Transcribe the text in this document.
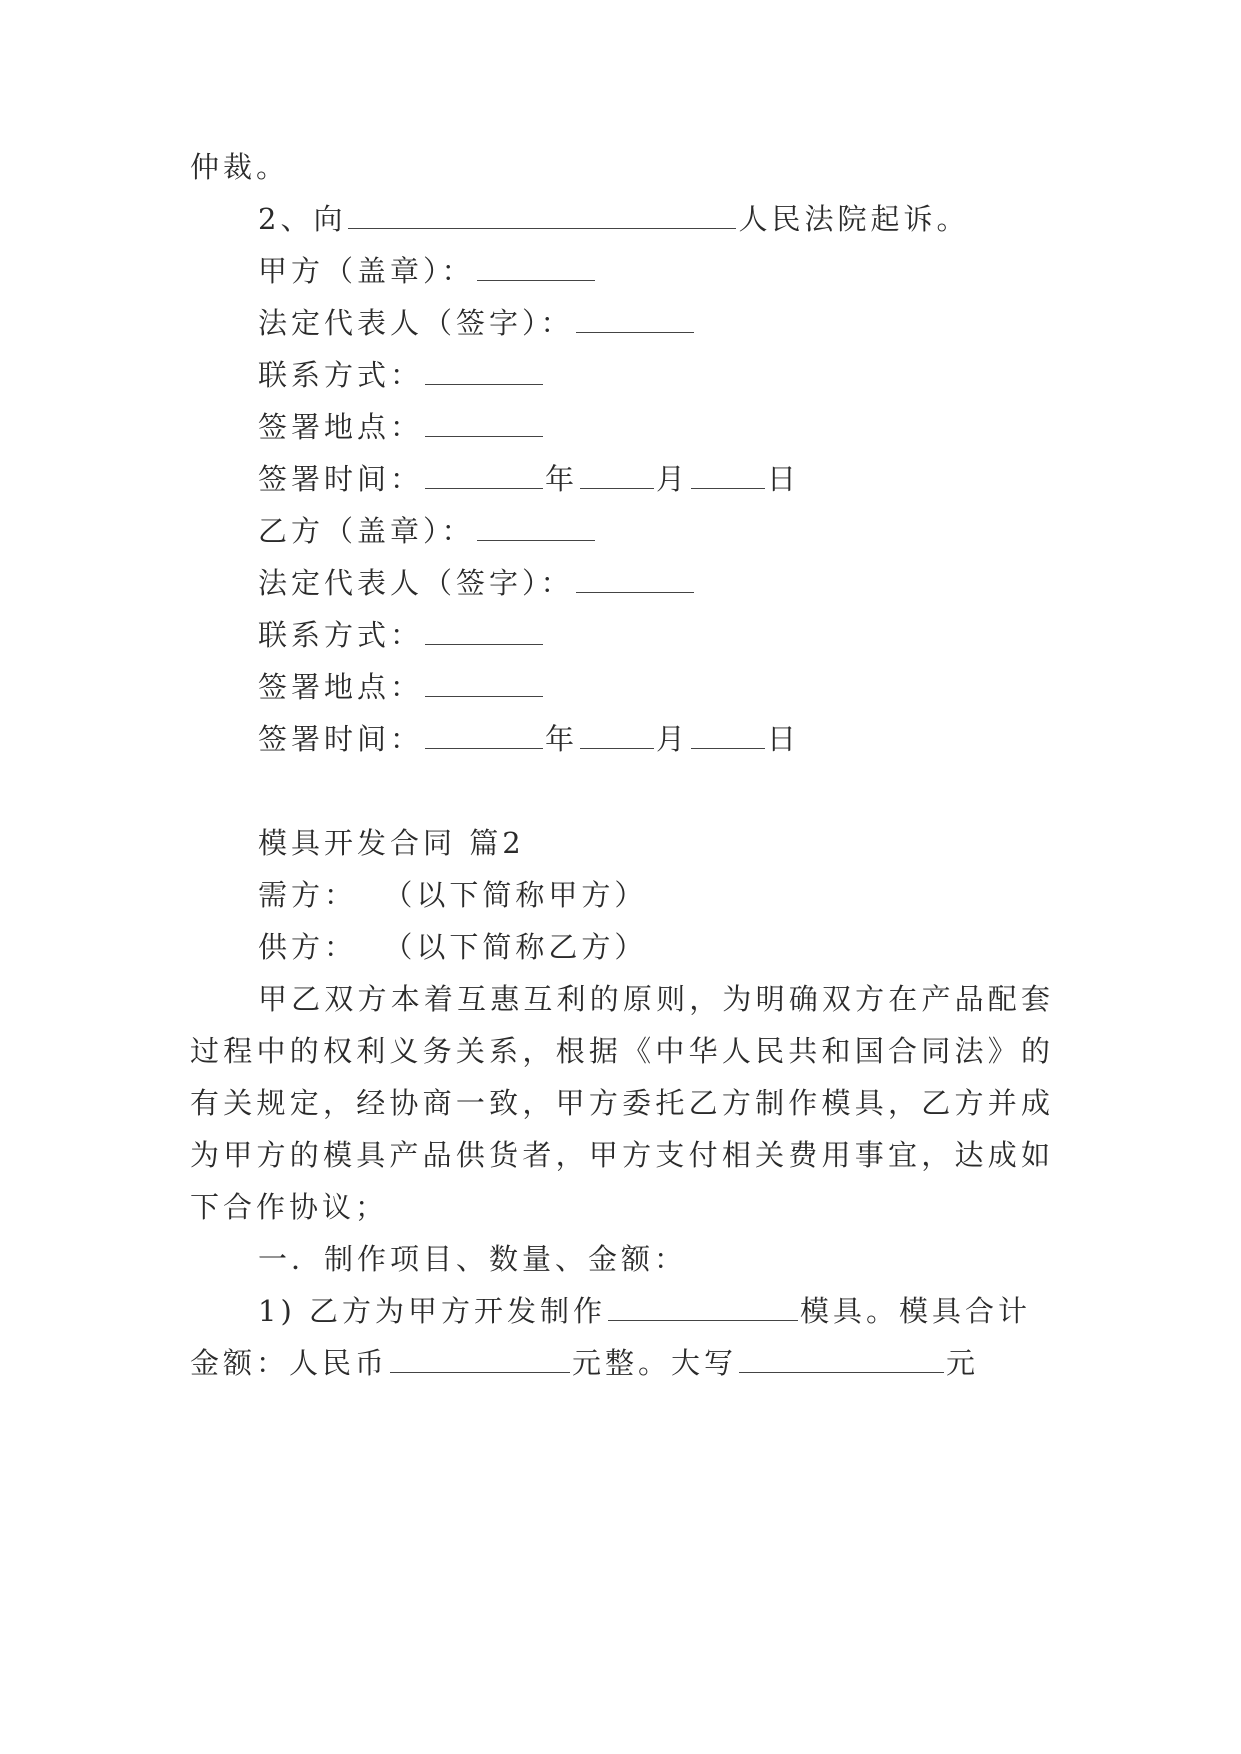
仲裁。
2、向	人民法院起诉。
甲方（盖章）：
法定代表人（签字）：
联系方式：
签署地点：
签署时间：	年	月	日
乙方（盖章）：
法定代表人（签字）：
联系方式：
签署地点：
签署时间：	年	月	日
模具开发合同 篇2
需方：  （以下简称甲方）
供方：  （以下简称乙方）
甲乙双方本着互惠互利的原则，为明确双方在产品配套
过程中的权利义务关系，根据《中华人民共和国合同法》的
有关规定，经协商一致，甲方委托乙方制作模具，乙方并成
为甲方的模具产品供货者，甲方支付相关费用事宜，达成如
下合作协议；
一．制作项目、数量、金额：
1) 乙方为甲方开发制作	模具。模具合计
金额：人民币	元整。大写	元
